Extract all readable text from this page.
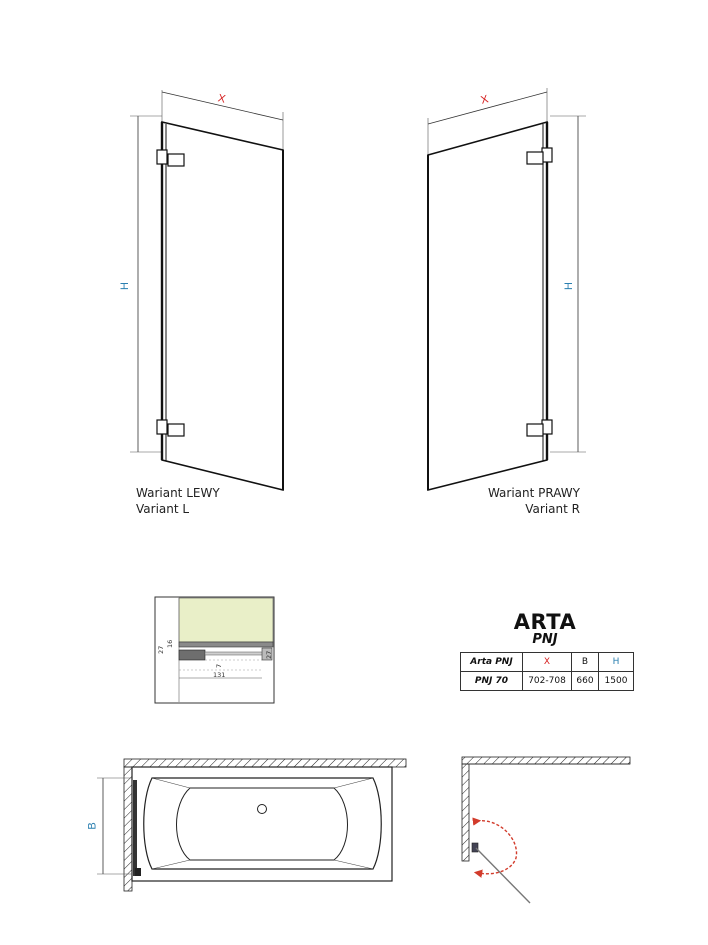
27
16
27
7
131
X
H
X
H
B
Wariant LEWY
Variant L
Wariant PRAWY
Variant R
ARTA
PNJ
Arta PNJ	X	B	H
PNJ 70	702-708	660	1500
